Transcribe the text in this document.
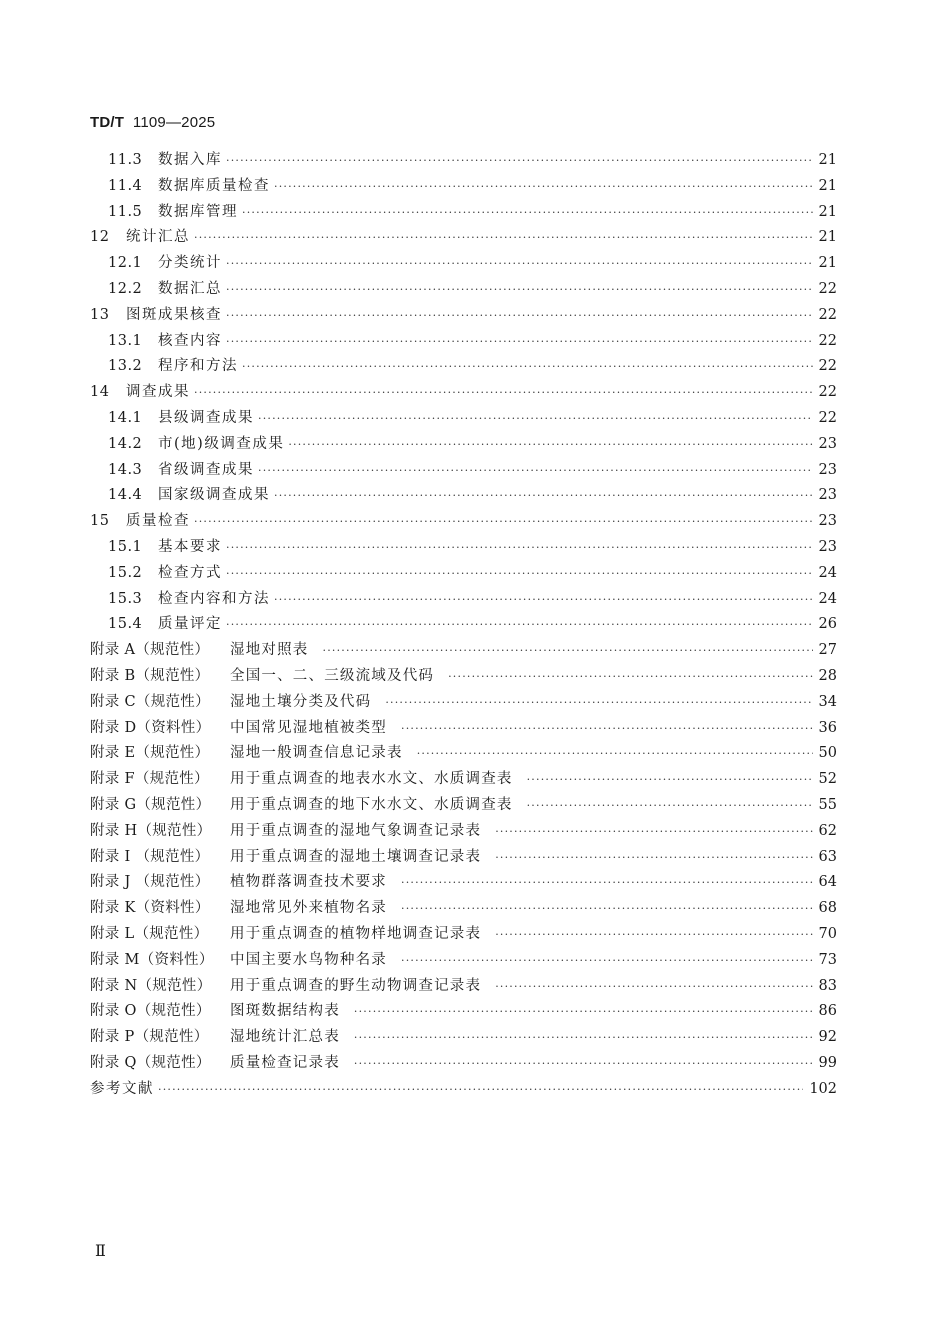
TD/T 1109—2025
11.3	数据入库 ·····	21
11.4	数据库质量检查 ·····	21
11.5	数据库管理 ·····	21
12	统计汇总 ·····	21
12.1	分类统计 ·····	21
12.2	数据汇总 ·····	22
13	图斑成果核查 ·····	22
13.1	核查内容 ·····	22
13.2	程序和方法 ·····	22
14	调查成果 ·····	22
14.1	县级调查成果 ·····	22
14.2	市(地)级调查成果 ·····	23
14.3	省级调查成果 ·····	23
14.4	国家级调查成果 ·····	23
15	质量检查 ·····	23
15.1	基本要求 ·····	23
15.2	检查方式 ·····	24
15.3	检查内容和方法 ·····	24
15.4	质量评定 ·····	26
附录 A（规范性）	湿地对照表 ·····	27
附录 B（规范性）	全国一、二、三级流域及代码 ·····	28
附录 C（规范性）	湿地土壤分类及代码 ·····	34
附录 D（资料性）	中国常见湿地植被类型 ·····	36
附录 E（规范性）	湿地一般调查信息记录表 ·····	50
附录 F（规范性）	用于重点调查的地表水水文、水质调查表 ·····	52
附录 G（规范性）	用于重点调查的地下水水文、水质调查表 ·····	55
附录 H（规范性）	用于重点调查的湿地气象调查记录表 ·····	62
附录 I （规范性）	用于重点调查的湿地土壤调查记录表 ·····	63
附录 J （规范性）	植物群落调查技术要求 ·····	64
附录 K（资料性）	湿地常见外来植物名录 ·····	68
附录 L（规范性）	用于重点调查的植物样地调查记录表 ·····	70
附录 M（资料性）	中国主要水鸟物种名录 ·····	73
附录 N（规范性）	用于重点调查的野生动物调查记录表 ·····	83
附录 O（规范性）	图斑数据结构表 ·····	86
附录 P（规范性）	湿地统计汇总表 ·····	92
附录 Q（规范性）	质量检查记录表 ·····	99
参考文献 ·····	102
Ⅱ
